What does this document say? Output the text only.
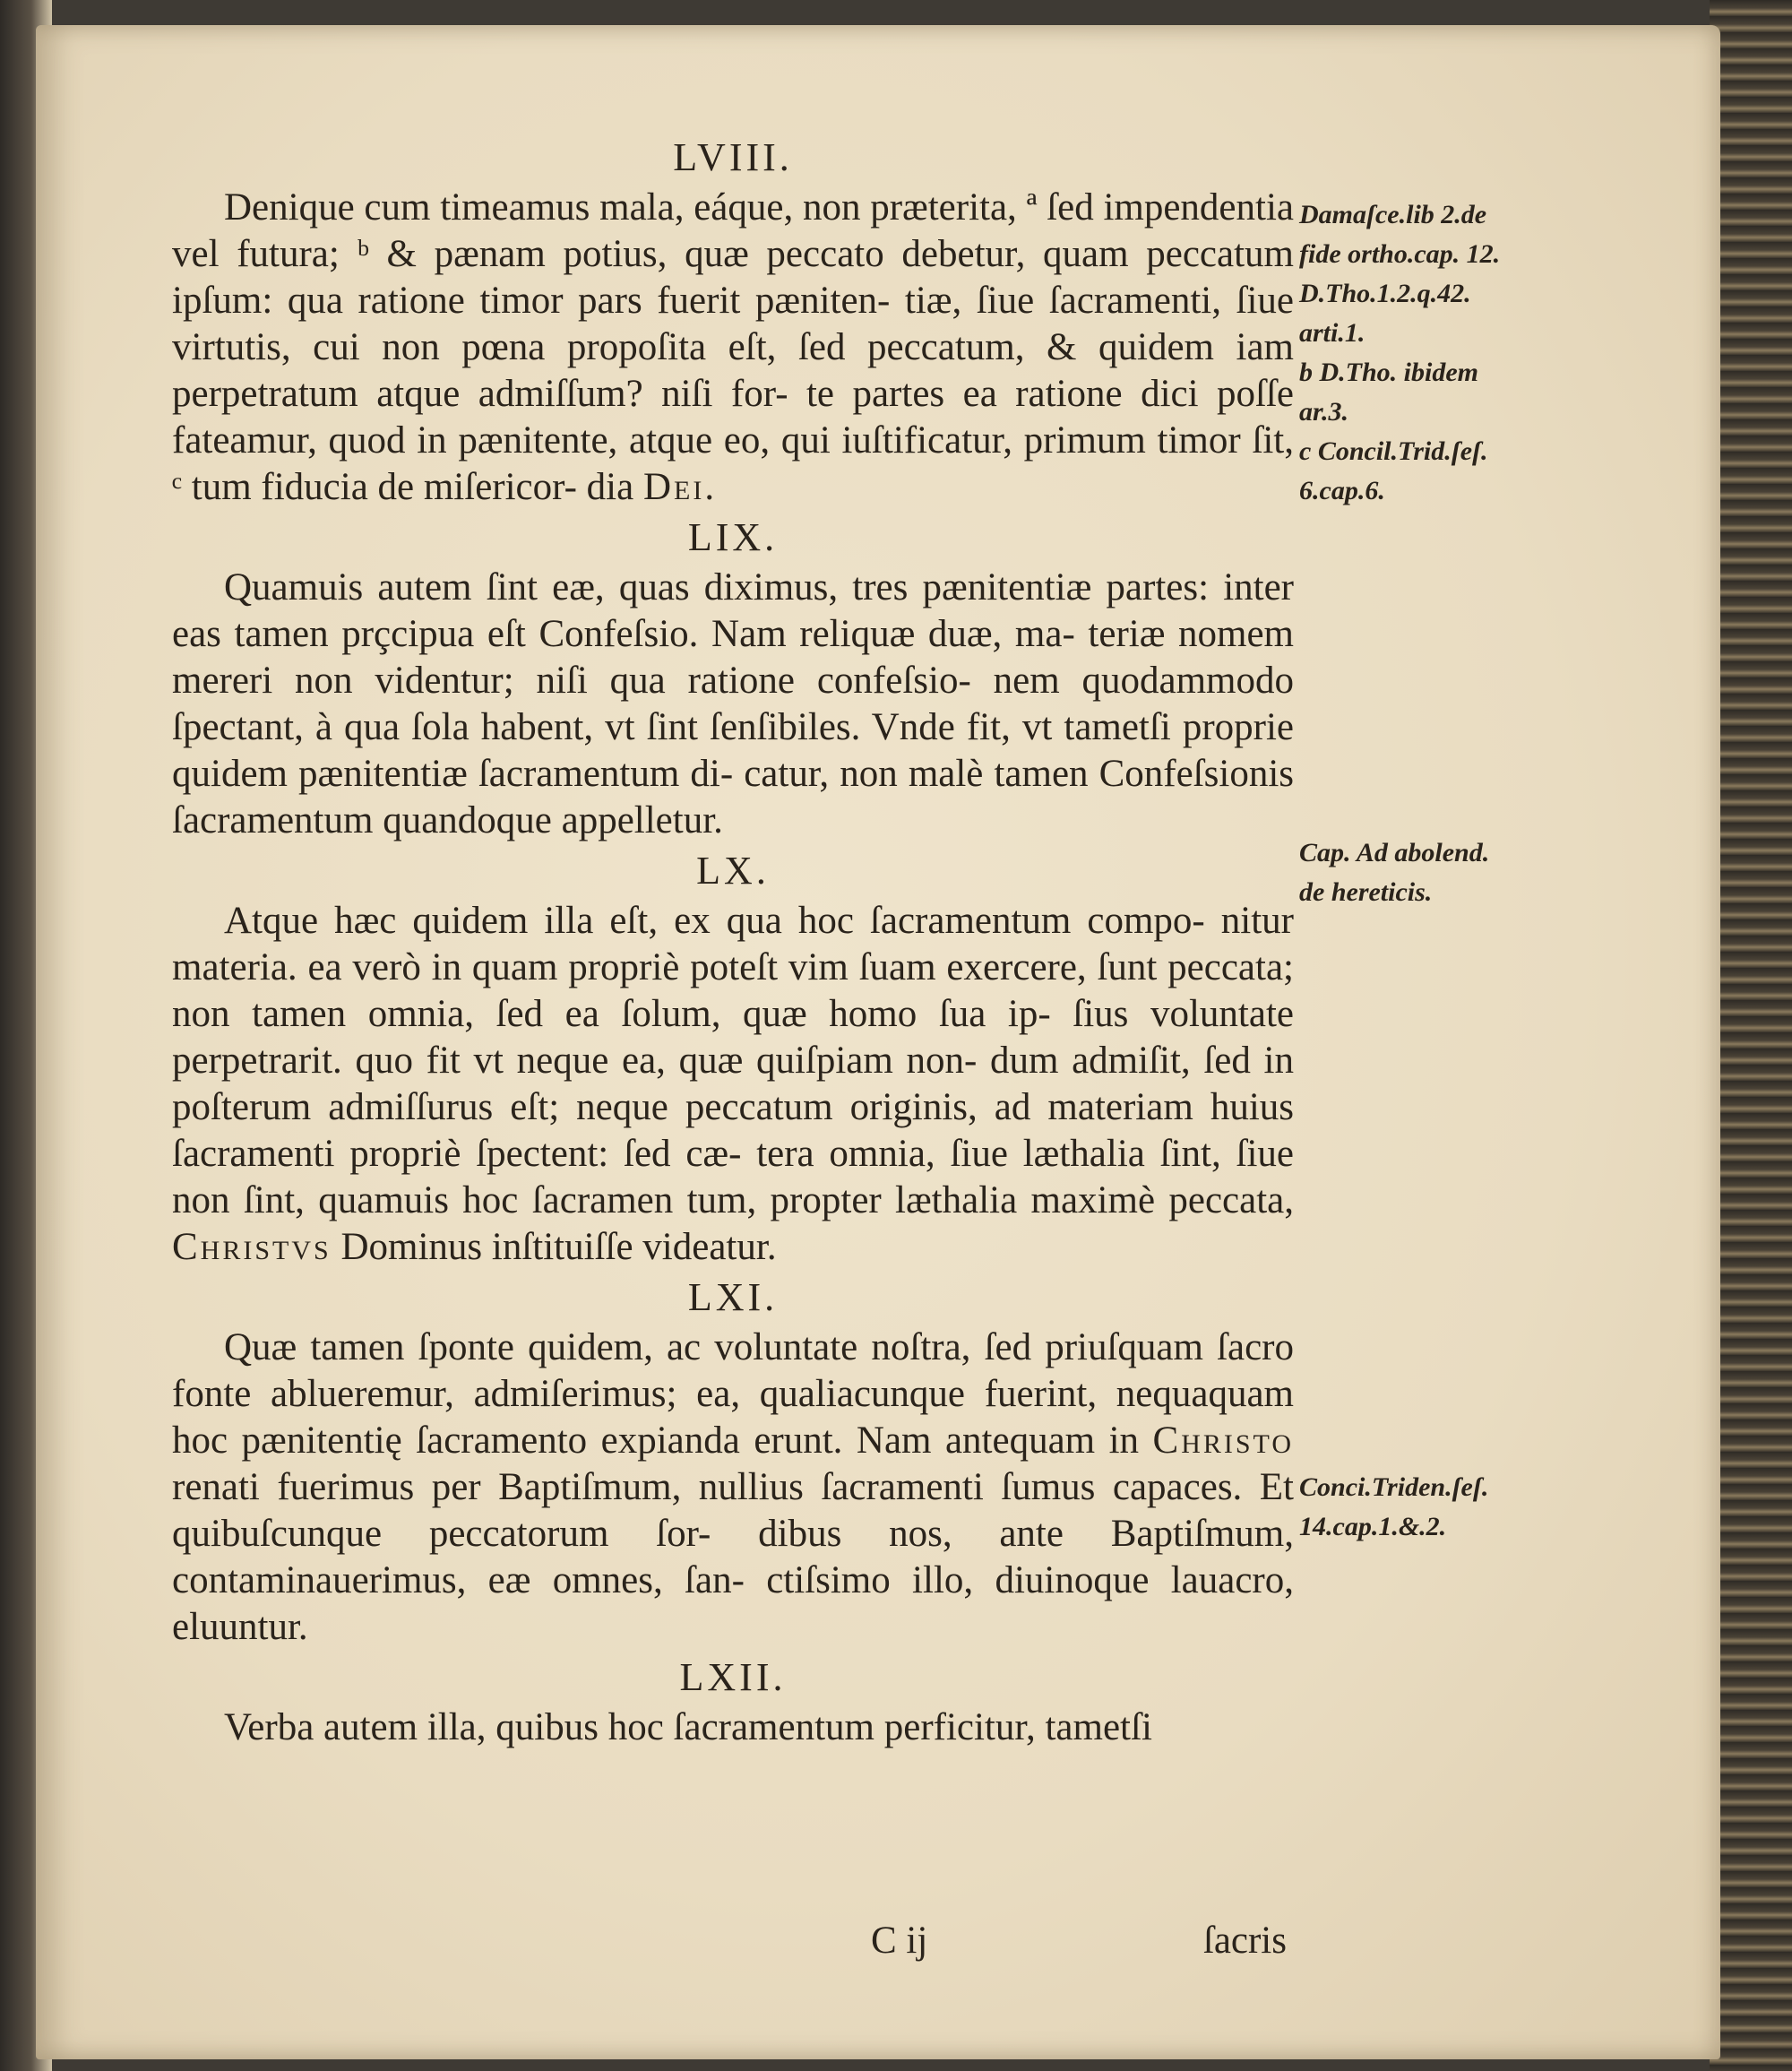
LVIII.

Denique cum timeamus mala, eáque, non præterita, ª ſed impendentia vel futura; ᵇ & pænam potius, quæ peccato debetur, quam peccatum ipſum: qua ratione timor pars fuerit pæniten- tiæ, ſiue ſacramenti, ſiue virtutis, cui non pœna propoſita eſt, ſed peccatum, & quidem iam perpetratum atque admiſſum? niſi for- te partes ea ratione dici poſſe fateamur, quod in pænitente, atque eo, qui iuſtificatur, primum timor ſit, ᶜ tum fiducia de miſericor- dia Dei.

LIX.

Quamuis autem ſint eæ, quas diximus, tres pænitentiæ partes: inter eas tamen prçcipua eſt Confeſsio. Nam reliquæ duæ, ma- teriæ nomem mereri non videntur; niſi qua ratione confeſsio- nem quodammodo ſpectant, à qua ſola habent, vt ſint ſenſibiles. Vnde fit, vt tametſi proprie quidem pænitentiæ ſacramentum di- catur, non malè tamen Confeſsionis ſacramentum quandoque appelletur.

LX.

Atque hæc quidem illa eſt, ex qua hoc ſacramentum compo- nitur materia. ea verò in quam propriè poteſt vim ſuam exercere, ſunt peccata; non tamen omnia, ſed ea ſolum, quæ homo ſua ip- ſius voluntate perpetrarit. quo fit vt neque ea, quæ quiſpiam non- dum admiſit, ſed in poſterum admiſſurus eſt; neque peccatum originis, ad materiam huius ſacramenti propriè ſpectent: ſed cæ- tera omnia, ſiue læthalia ſint, ſiue non ſint, quamuis hoc ſacramen tum, propter læthalia maximè peccata, Christvs Dominus inſtituiſſe videatur.

LXI.

Quæ tamen ſponte quidem, ac voluntate noſtra, ſed priuſquam ſacro fonte ablueremur, admiſerimus; ea, qualiacunque fuerint, nequaquam hoc pænitentię ſacramento expianda erunt. Nam antequam in Christo renati fuerimus per Baptiſmum, nullius ſacramenti ſumus capaces. Et quibuſcunque peccatorum ſor- dibus nos, ante Baptiſmum, contaminauerimus, eæ omnes, ſan- ctiſsimo illo, diuinoque lauacro, eluuntur.

LXII.

Verba autem illa, quibus hoc ſacramentum perficitur, tametſi

Damaſce.lib 2.de
fide ortho.cap. 12.
D.Tho.1.2.q.42.
arti.1.
b D.Tho. ibidem
ar.3.
c Concil.Trid.ſeſ.
6.cap.6.
Cap. Ad abolend.
de hereticis.
Conci.Triden.ſeſ.
14.cap.1.&.2.
C ij	ſacris
